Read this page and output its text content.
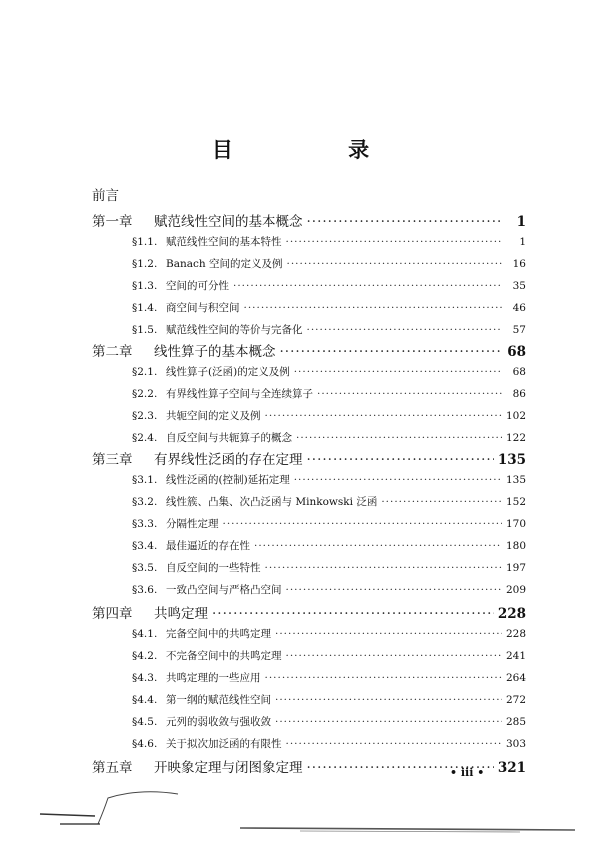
目 录
前言
第一章	赋范线性空间的基本概念 ·····	1
§1.1. 赋范线性空间的基本特性 ·····	1
§1.2. Banach 空间的定义及例 ·····	16
§1.3. 空间的可分性 ·····	35
§1.4. 商空间与积空间 ·····	46
§1.5. 赋范线性空间的等价与完备化 ·····	57
第二章	线性算子的基本概念 ·····	68
§2.1. 线性算子(泛函)的定义及例 ·····	68
§2.2. 有界线性算子空间与全连续算子 ·····	86
§2.3. 共轭空间的定义及例 ·····	102
§2.4. 自反空间与共轭算子的概念 ·····	122
第三章	有界线性泛函的存在定理 ·····	135
§3.1. 线性泛函的(控制)延拓定理 ·····	135
§3.2. 线性簇、凸集、次凸泛函与 Minkowski 泛函 ·····	152
§3.3. 分隔性定理 ·····	170
§3.4. 最佳逼近的存在性 ·····	180
§3.5. 自反空间的一些特性 ·····	197
§3.6. 一致凸空间与严格凸空间 ·····	209
第四章	共鸣定理 ·····	228
§4.1. 完备空间中的共鸣定理 ·····	228
§4.2. 不完备空间中的共鸣定理 ·····	241
§4.3. 共鸣定理的一些应用 ·····	264
§4.4. 第一纲的赋范线性空间 ·····	272
§4.5. 元列的弱收敛与强收敛 ·····	285
§4.6. 关于拟次加泛函的有限性 ·····	303
第五章	开映象定理与闭图象定理 ·····	321
• iii •
